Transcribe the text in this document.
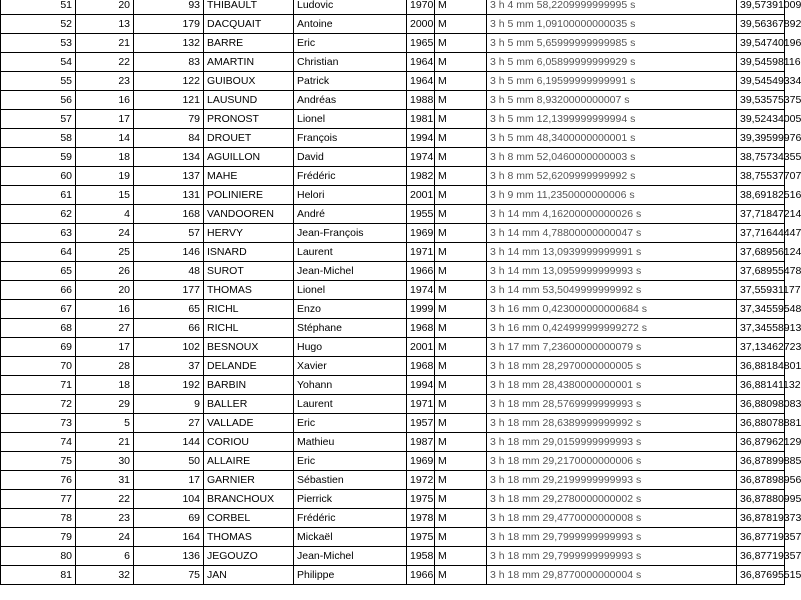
51	20	93	THIBAULT	Ludovic	1970	M	3 h 4 mm 58,2209999999995 s	39,57391009
52	13	179	DACQUAIT	Antoine	2000	M	3 h 5 mm 1,09100000000035 s	39,56367892
53	21	132	BARRE	Eric	1965	M	3 h 5 mm 5,65999999999985 s	39,54740196
54	22	83	AMARTIN	Christian	1964	M	3 h 5 mm 6,05899999999929 s	39,54598116
55	23	122	GUIBOUX	Patrick	1964	M	3 h 5 mm 6,19599999999991 s	39,54549334
56	16	121	LAUSUND	Andréas	1988	M	3 h 5 mm 8,9320000000007 s	39,53575375
57	17	79	PRONOST	Lionel	1981	M	3 h 5 mm 12,1399999999994 s	39,52434005
58	14	84	DROUET	François	1994	M	3 h 5 mm 48,3400000000001 s	39,39599976
59	18	134	AGUILLON	David	1974	M	3 h 8 mm 52,0460000000003 s	38,75734355
60	19	137	MAHE	Frédéric	1982	M	3 h 8 mm 52,6209999999992 s	38,75537707
61	15	131	POLINIERE	Helori	2001	M	3 h 9 mm 11,2350000000006 s	38,69182516
62	4	168	VANDOOREN	André	1955	M	3 h 14 mm 4,16200000000026 s	37,71847214
63	24	57	HERVY	Jean-François	1969	M	3 h 14 mm 4,78800000000047 s	37,71644447
64	25	146	ISNARD	Laurent	1971	M	3 h 14 mm 13,0939999999991 s	37,68956124
65	26	48	SUROT	Jean-Michel	1966	M	3 h 14 mm 13,0959999999993 s	37,68955478
66	20	177	THOMAS	Lionel	1974	M	3 h 14 mm 53,5049999999992 s	37,55931177
67	16	65	RICHL	Enzo	1999	M	3 h 16 mm 0,423000000000684 s	37,34559548
68	27	66	RICHL	Stéphane	1968	M	3 h 16 mm 0,424999999999272 s	37,34558913
69	17	102	BESNOUX	Hugo	2001	M	3 h 17 mm 7,23600000000079 s	37,13462723
70	28	37	DELANDE	Xavier	1968	M	3 h 18 mm 28,2970000000005 s	36,88184801
71	18	192	BARBIN	Yohann	1994	M	3 h 18 mm 28,4380000000001 s	36,88141132
72	29	9	BALLER	Laurent	1971	M	3 h 18 mm 28,5769999999993 s	36,88098083
73	5	27	VALLADE	Eric	1957	M	3 h 18 mm 28,6389999999992 s	36,88078881
74	21	144	CORIOU	Mathieu	1987	M	3 h 18 mm 29,0159999999993 s	36,87962129
75	30	50	ALLAIRE	Eric	1969	M	3 h 18 mm 29,2170000000006 s	36,87899885
76	31	17	GARNIER	Sébastien	1972	M	3 h 18 mm 29,2199999999993 s	36,87898956
77	22	104	BRANCHOUX	Pierrick	1975	M	3 h 18 mm 29,2780000000002 s	36,87880995
78	23	69	CORBEL	Frédéric	1978	M	3 h 18 mm 29,4770000000008 s	36,87819373
79	24	164	THOMAS	Mickaël	1975	M	3 h 18 mm 29,7999999999993 s	36,87719357
80	6	136	JEGOUZO	Jean-Michel	1958	M	3 h 18 mm 29,7999999999993 s	36,87719357
81	32	75	JAN	Philippe	1966	M	3 h 18 mm 29,8770000000004 s	36,87695515
